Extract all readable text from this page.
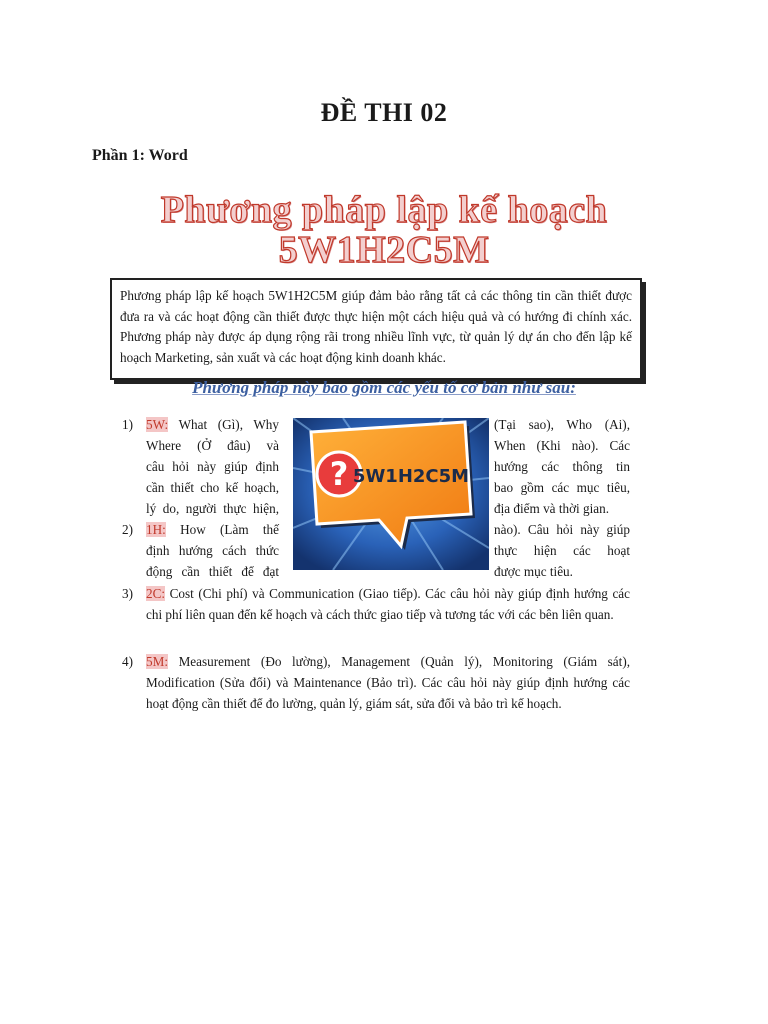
ĐỀ THI 02
Phần 1: Word
Phương pháp lập kế hoạch
5W1H2C5M
Phương pháp lập kế hoạch 5W1H2C5M giúp đảm bảo rằng tất cả các thông tin cần thiết được đưa ra và các hoạt động cần thiết được thực hiện một cách hiệu quả và có hướng đi chính xác. Phương pháp này được áp dụng rộng rãi trong nhiều lĩnh vực, từ quản lý dự án cho đến lập kế hoạch Marketing, sản xuất và các hoạt động kinh doanh khác.
Phương pháp này bao gồm các yếu tố cơ bản như sau:
1) 5W: What (Gì), Why
Where (Ở đâu) và
câu hỏi này giúp định
cần thiết cho kế hoạch,
lý do, người thực hiện,
(Tại sao), Who (Ai),
When (Khi nào). Các
hướng các thông tin
bao gồm các mục tiêu,
địa điểm và thời gian.
2) 1H: How (Làm thế
định hướng cách thức
động cần thiết để đạt
nào). Câu hỏi này giúp
thực hiện các hoạt
được mục tiêu.
? 5W1H2C5M
3) 2C: Cost (Chi phí) và Communication (Giao tiếp). Các câu hỏi này giúp định hướng các chi phí liên quan đến kế hoạch và cách thức giao tiếp và tương tác với các bên liên quan.
4) 5M: Measurement (Đo lường), Management (Quản lý), Monitoring (Giám sát), Modification (Sửa đổi) và Maintenance (Bảo trì). Các câu hỏi này giúp định hướng các hoạt động cần thiết để đo lường, quản lý, giám sát, sửa đổi và bảo trì kế hoạch.
